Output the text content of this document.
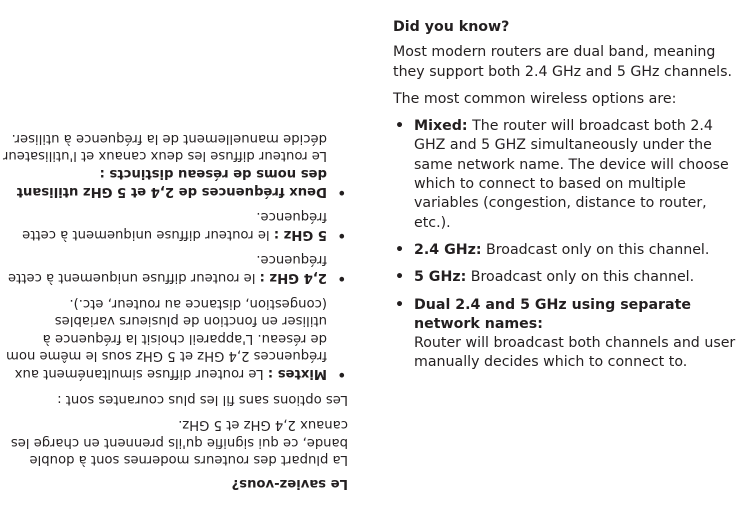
Le saviez-vous?

La plupart des routeurs modernes sont à double bande, ce qui signifie qu'ils prennent en charge les canaux 2,4 GHz et 5 GHz.

Les options sans fil les plus courantes sont :

• Mixtes : Le routeur diffuse simultanément aux fréquences 2,4 GHz et 5 GHz sous le même nom de réseau. L'appareil choisit la fréquence à utiliser en fonction de plusieurs variables (congestion, distance au routeur, etc.).
• 2,4 GHz : le routeur diffuse uniquement à cette fréquence.
• 5 GHz : le routeur diffuse uniquement à cette fréquence.
• Deux fréquences de 2,4 et 5 GHz utilisant des noms de réseau distincts :
Le routeur diffuse les deux canaux et l'utilisateur décide manuellement de la fréquence à utiliser.
Did you know?

Most modern routers are dual band, meaning they support both 2.4 GHz and 5 GHz channels.

The most common wireless options are:

• Mixed: The router will broadcast both 2.4 GHZ and 5 GHZ simultaneously under the same network name. The device will choose which to connect to based on multiple variables (congestion, distance to router, etc.).
• 2.4 GHz: Broadcast only on this channel.
• 5 GHz: Broadcast only on this channel.
• Dual 2.4 and 5 GHz using separate network names:
Router will broadcast both channels and user manually decides which to connect to.
